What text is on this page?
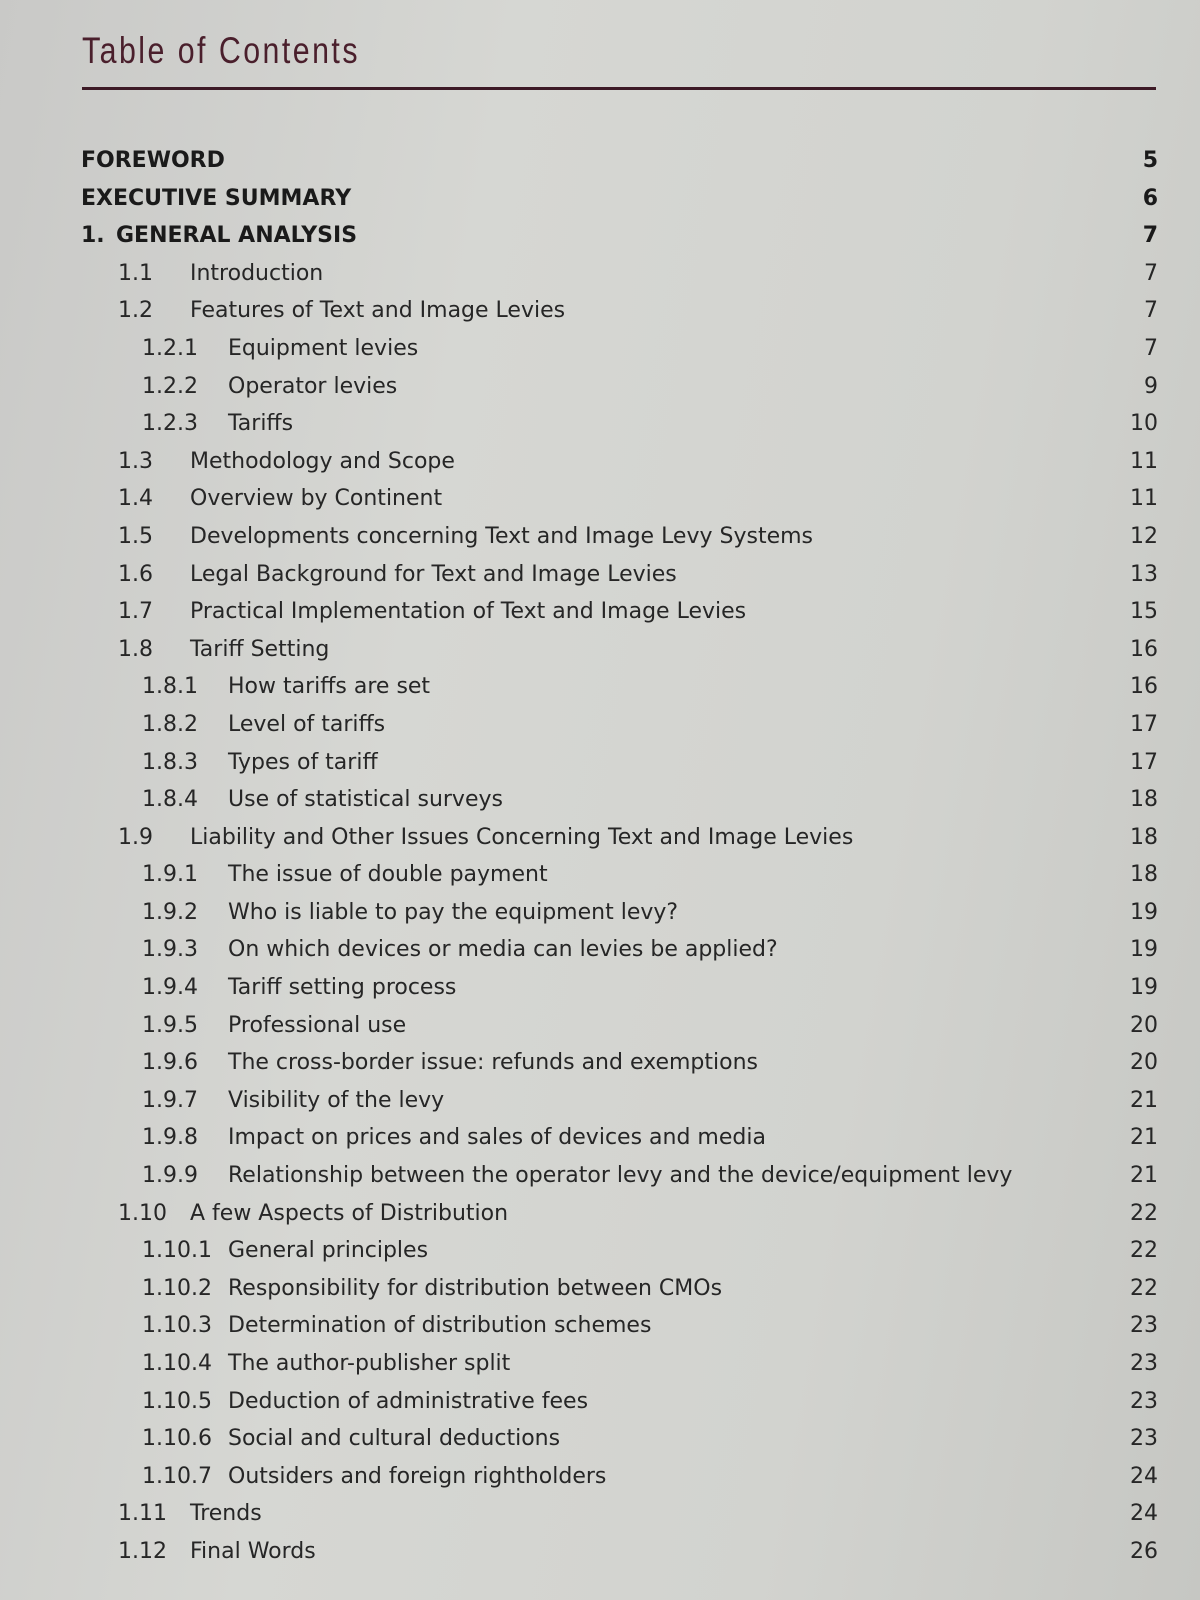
Table of Contents
FOREWORD	5
EXECUTIVE SUMMARY	6
1. GENERAL ANALYSIS	7
1.1 Introduction	7
1.2 Features of Text and Image Levies	7
1.2.1 Equipment levies	7
1.2.2 Operator levies	9
1.2.3 Tariffs	10
1.3 Methodology and Scope	11
1.4 Overview by Continent	11
1.5 Developments concerning Text and Image Levy Systems	12
1.6 Legal Background for Text and Image Levies	13
1.7 Practical Implementation of Text and Image Levies	15
1.8 Tariff Setting	16
1.8.1 How tariffs are set	16
1.8.2 Level of tariffs	17
1.8.3 Types of tariff	17
1.8.4 Use of statistical surveys	18
1.9 Liability and Other Issues Concerning Text and Image Levies	18
1.9.1 The issue of double payment	18
1.9.2 Who is liable to pay the equipment levy?	19
1.9.3 On which devices or media can levies be applied?	19
1.9.4 Tariff setting process	19
1.9.5 Professional use	20
1.9.6 The cross-border issue: refunds and exemptions	20
1.9.7 Visibility of the levy	21
1.9.8 Impact on prices and sales of devices and media	21
1.9.9 Relationship between the operator levy and the device/equipment levy	21
1.10 A few Aspects of Distribution	22
1.10.1 General principles	22
1.10.2 Responsibility for distribution between CMOs	22
1.10.3 Determination of distribution schemes	23
1.10.4 The author-publisher split	23
1.10.5 Deduction of administrative fees	23
1.10.6 Social and cultural deductions	23
1.10.7 Outsiders and foreign rightholders	24
1.11 Trends	24
1.12 Final Words	26
